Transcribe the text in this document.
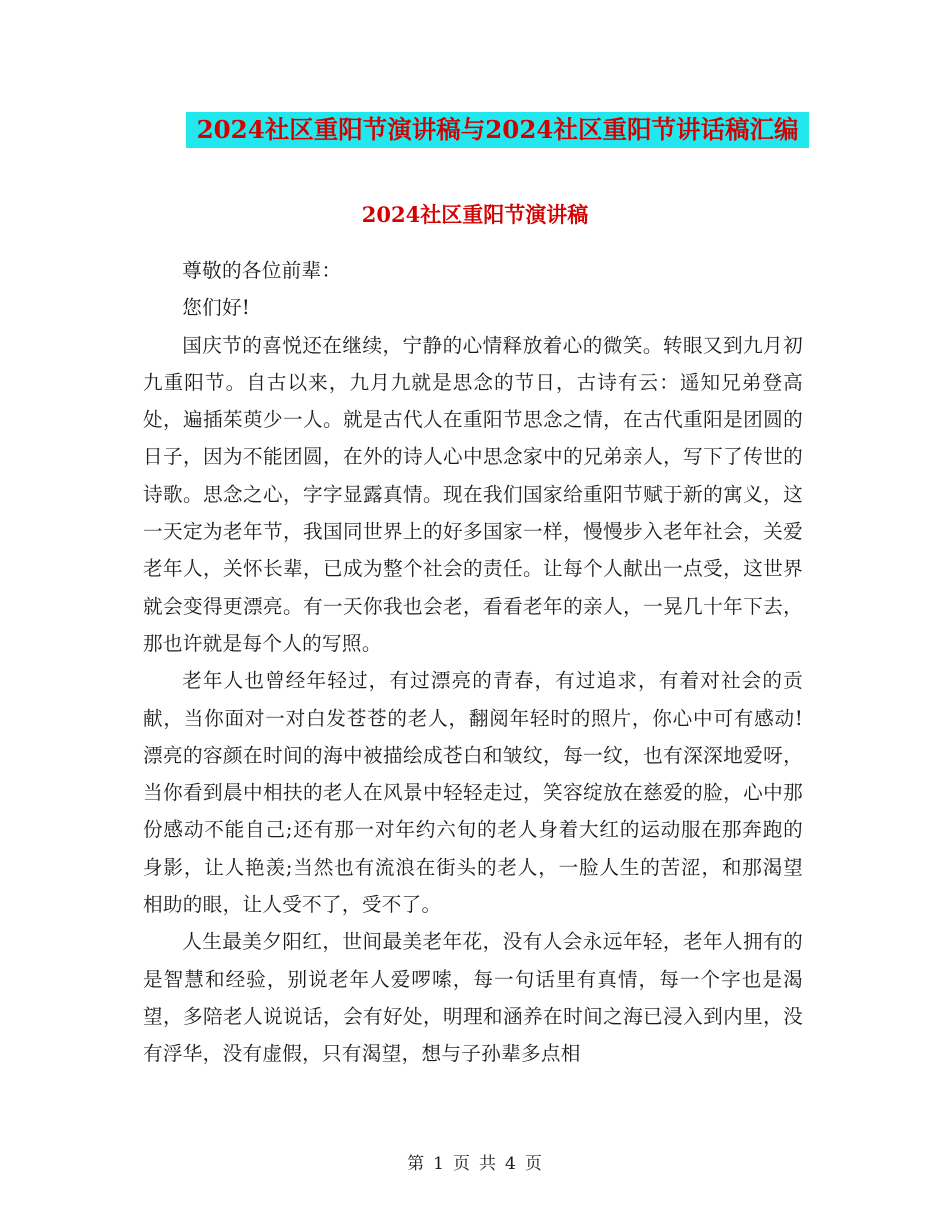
2024社区重阳节演讲稿与2024社区重阳节讲话稿汇编
2024社区重阳节演讲稿

尊敬的各位前辈：

您们好!

国庆节的喜悦还在继续，宁静的心情释放着心的微笑。转眼又到九月初九重阳节。自古以来，九月九就是思念的节日，古诗有云：遥知兄弟登高处，遍插茱萸少一人。就是古代人在重阳节思念之情，在古代重阳是团圆的日子，因为不能团圆，在外的诗人心中思念家中的兄弟亲人，写下了传世的诗歌。思念之心，字字显露真情。现在我们国家给重阳节赋于新的寓义，这一天定为老年节，我国同世界上的好多国家一样，慢慢步入老年社会，关爱老年人，关怀长辈，已成为整个社会的责任。让每个人献出一点受，这世界就会变得更漂亮。有一天你我也会老，看看老年的亲人，一晃几十年下去，那也许就是每个人的写照。

老年人也曾经年轻过，有过漂亮的青春，有过追求，有着对社会的贡献，当你面对一对白发苍苍的老人，翻阅年轻时的照片，你心中可有感动!漂亮的容颜在时间的海中被描绘成苍白和皱纹，每一纹，也有深深地爱呀，当你看到晨中相扶的老人在风景中轻轻走过，笑容绽放在慈爱的脸，心中那份感动不能自己;还有那一对年约六旬的老人身着大红的运动服在那奔跑的身影，让人艳羡;当然也有流浪在街头的老人，一脸人生的苦涩，和那渴望相助的眼，让人受不了，受不了。

人生最美夕阳红，世间最美老年花，没有人会永远年轻，老年人拥有的是智慧和经验，别说老年人爱啰嗦，每一句话里有真情，每一个字也是渴望，多陪老人说说话，会有好处，明理和涵养在时间之海已浸入到内里，没有浮华，没有虚假，只有渴望，想与子孙辈多点相

第 1 页 共 4 页
